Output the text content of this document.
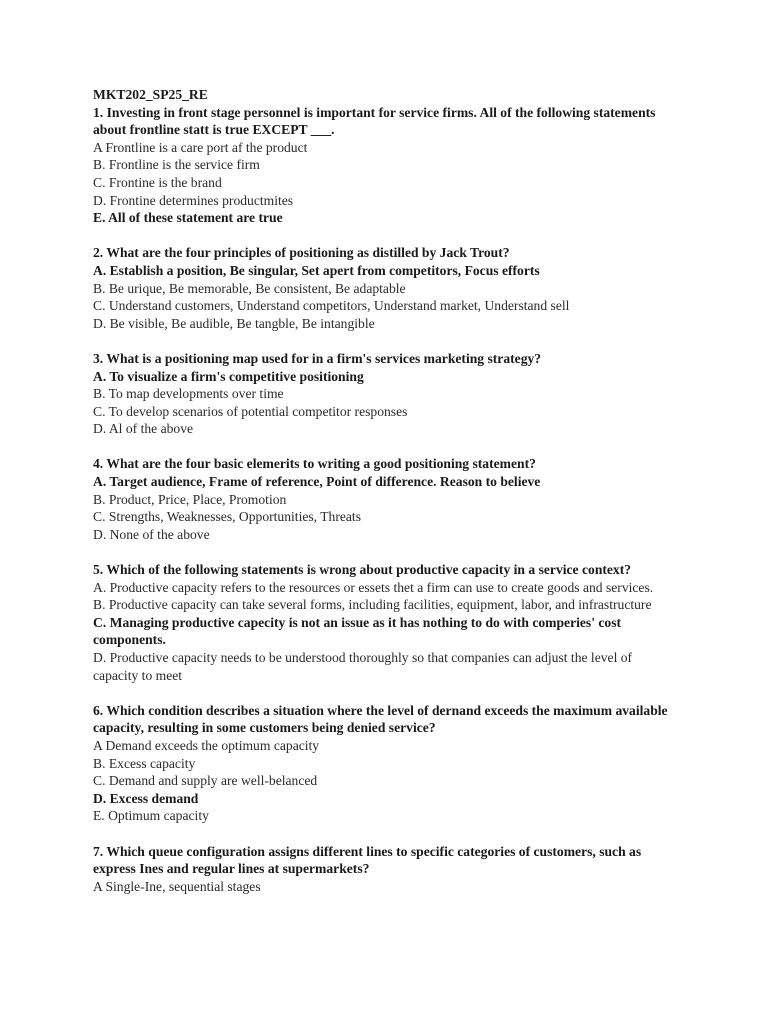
MKT202_SP25_RE
1. Investing in front stage personnel is important for service firms. All of the following statements about frontline statt is true EXCEPT ___.
A Frontline is a care port af the product
B. Frontline is the service firm
C. Frontine is the brand
D. Frontine determines productmites
E. All of these statement are true
2. What are the four principles of positioning as distilled by Jack Trout?
A. Establish a position, Be singular, Set apert from competitors, Focus efforts
B. Be urique, Be memorable, Be consistent, Be adaptable
C. Understand customers, Understand competitors, Understand market, Understand sell
D. Be visible, Be audible, Be tangble, Be intangible
3. What is a positioning map used for in a firm's services marketing strategy?
A. To visualize a firm's competitive positioning
B. To map developments over time
C. To develop scenarios of potential competitor responses
D. Al of the above
4. What are the four basic elemerits to writing a good positioning statement?
A. Target audience, Frame of reference, Point of difference. Reason to believe
B. Product, Price, Place, Promotion
C. Strengths, Weaknesses, Opportunities, Threats
D. None of the above
5. Which of the following statements is wrong about productive capacity in a service context?
A. Productive capacity refers to the resources or essets thet a firm can use to create goods and services.
B. Productive capacity can take several forms, including facilities, equipment, labor, and infrastructure
C. Managing productive capecity is not an issue as it has nothing to do with comperies' cost components.
D. Productive capacity needs to be understood thoroughly so that companies can adjust the level of capacity to meet
6. Which condition describes a situation where the level of dernand exceeds the maximum available capacity, resulting in some customers being denied service?
A Demand exceeds the optimum capacity
B. Excess capacity
C. Demand and supply are well-belanced
D. Excess demand
E. Optimum capacity
7. Which queue configuration assigns different lines to specific categories of customers, such as express Ines and regular lines at supermarkets?
A Single-Ine, sequential stages
